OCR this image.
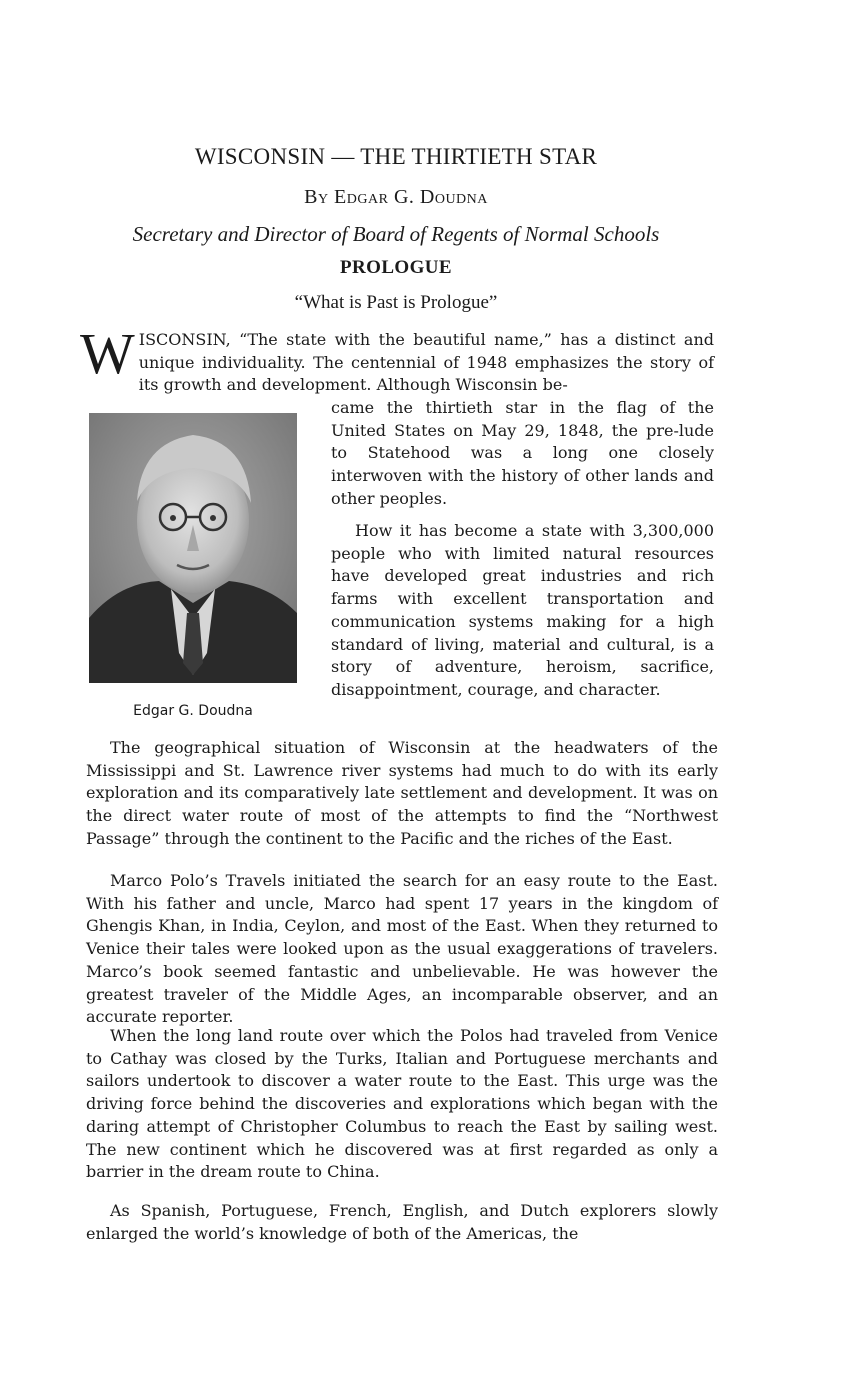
WISCONSIN — THE THIRTIETH STAR

By Edgar G. Doudna

Secretary and Director of Board of Regents of Normal Schools

PROLOGUE

“What is Past is Prologue”

WISCONSIN, “The state with the beautiful name,” has a distinct and unique individuality. The centennial of 1948 emphasizes the story of its growth and development. Although Wisconsin be-

came the thirtieth star in the flag of the United States on May 29, 1848, the pre-lude to Statehood was a long one closely interwoven with the history of other lands and other peoples.

How it has become a state with 3,300,000 people who with limited natural resources have developed great industries and rich farms with excellent transportation and communication systems making for a high standard of living, material and cultural, is a story of adventure, heroism, sacrifice, disappointment, courage, and character.

Edgar G. Doudna

The geographical situation of Wisconsin at the headwaters of the Mississippi and St. Lawrence river systems had much to do with its early exploration and its comparatively late settlement and development. It was on the direct water route of most of the attempts to find the “Northwest Passage” through the continent to the Pacific and the riches of the East.

Marco Polo’s Travels initiated the search for an easy route to the East. With his father and uncle, Marco had spent 17 years in the kingdom of Ghengis Khan, in India, Ceylon, and most of the East. When they returned to Venice their tales were looked upon as the usual exaggerations of travelers. Marco’s book seemed fantastic and unbelievable. He was however the greatest traveler of the Middle Ages, an incomparable observer, and an accurate reporter.

When the long land route over which the Polos had traveled from Venice to Cathay was closed by the Turks, Italian and Portuguese merchants and sailors undertook to discover a water route to the East. This urge was the driving force behind the discoveries and explorations which began with the daring attempt of Christopher Columbus to reach the East by sailing west. The new continent which he discovered was at first regarded as only a barrier in the dream route to China.

As Spanish, Portuguese, French, English, and Dutch explorers slowly enlarged the world’s knowledge of both of the Americas, the
